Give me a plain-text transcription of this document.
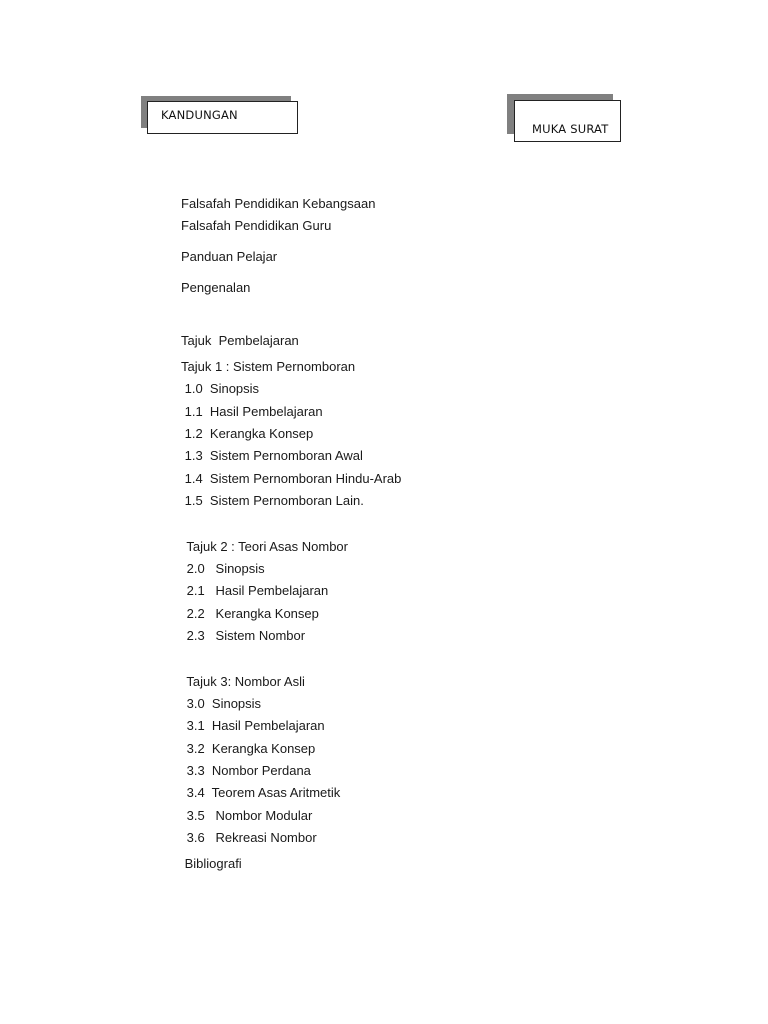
KANDUNGAN
MUKA SURAT
Falsafah Pendidikan Kebangsaan
Falsafah Pendidikan Guru
Panduan Pelajar
Pengenalan
Tajuk  Pembelajaran
Tajuk 1 : Sistem Pernomboran
1.0  Sinopsis
1.1  Hasil Pembelajaran
1.2  Kerangka Konsep
1.3  Sistem Pernomboran Awal
1.4  Sistem Pernomboran Hindu-Arab
1.5  Sistem Pernomboran Lain.
Tajuk 2 : Teori Asas Nombor
2.0   Sinopsis
2.1   Hasil Pembelajaran
2.2   Kerangka Konsep
2.3   Sistem Nombor
Tajuk 3: Nombor Asli
3.0  Sinopsis
3.1  Hasil Pembelajaran
3.2  Kerangka Konsep
3.3  Nombor Perdana
3.4  Teorem Asas Aritmetik
3.5   Nombor Modular
3.6   Rekreasi Nombor
Bibliografi
